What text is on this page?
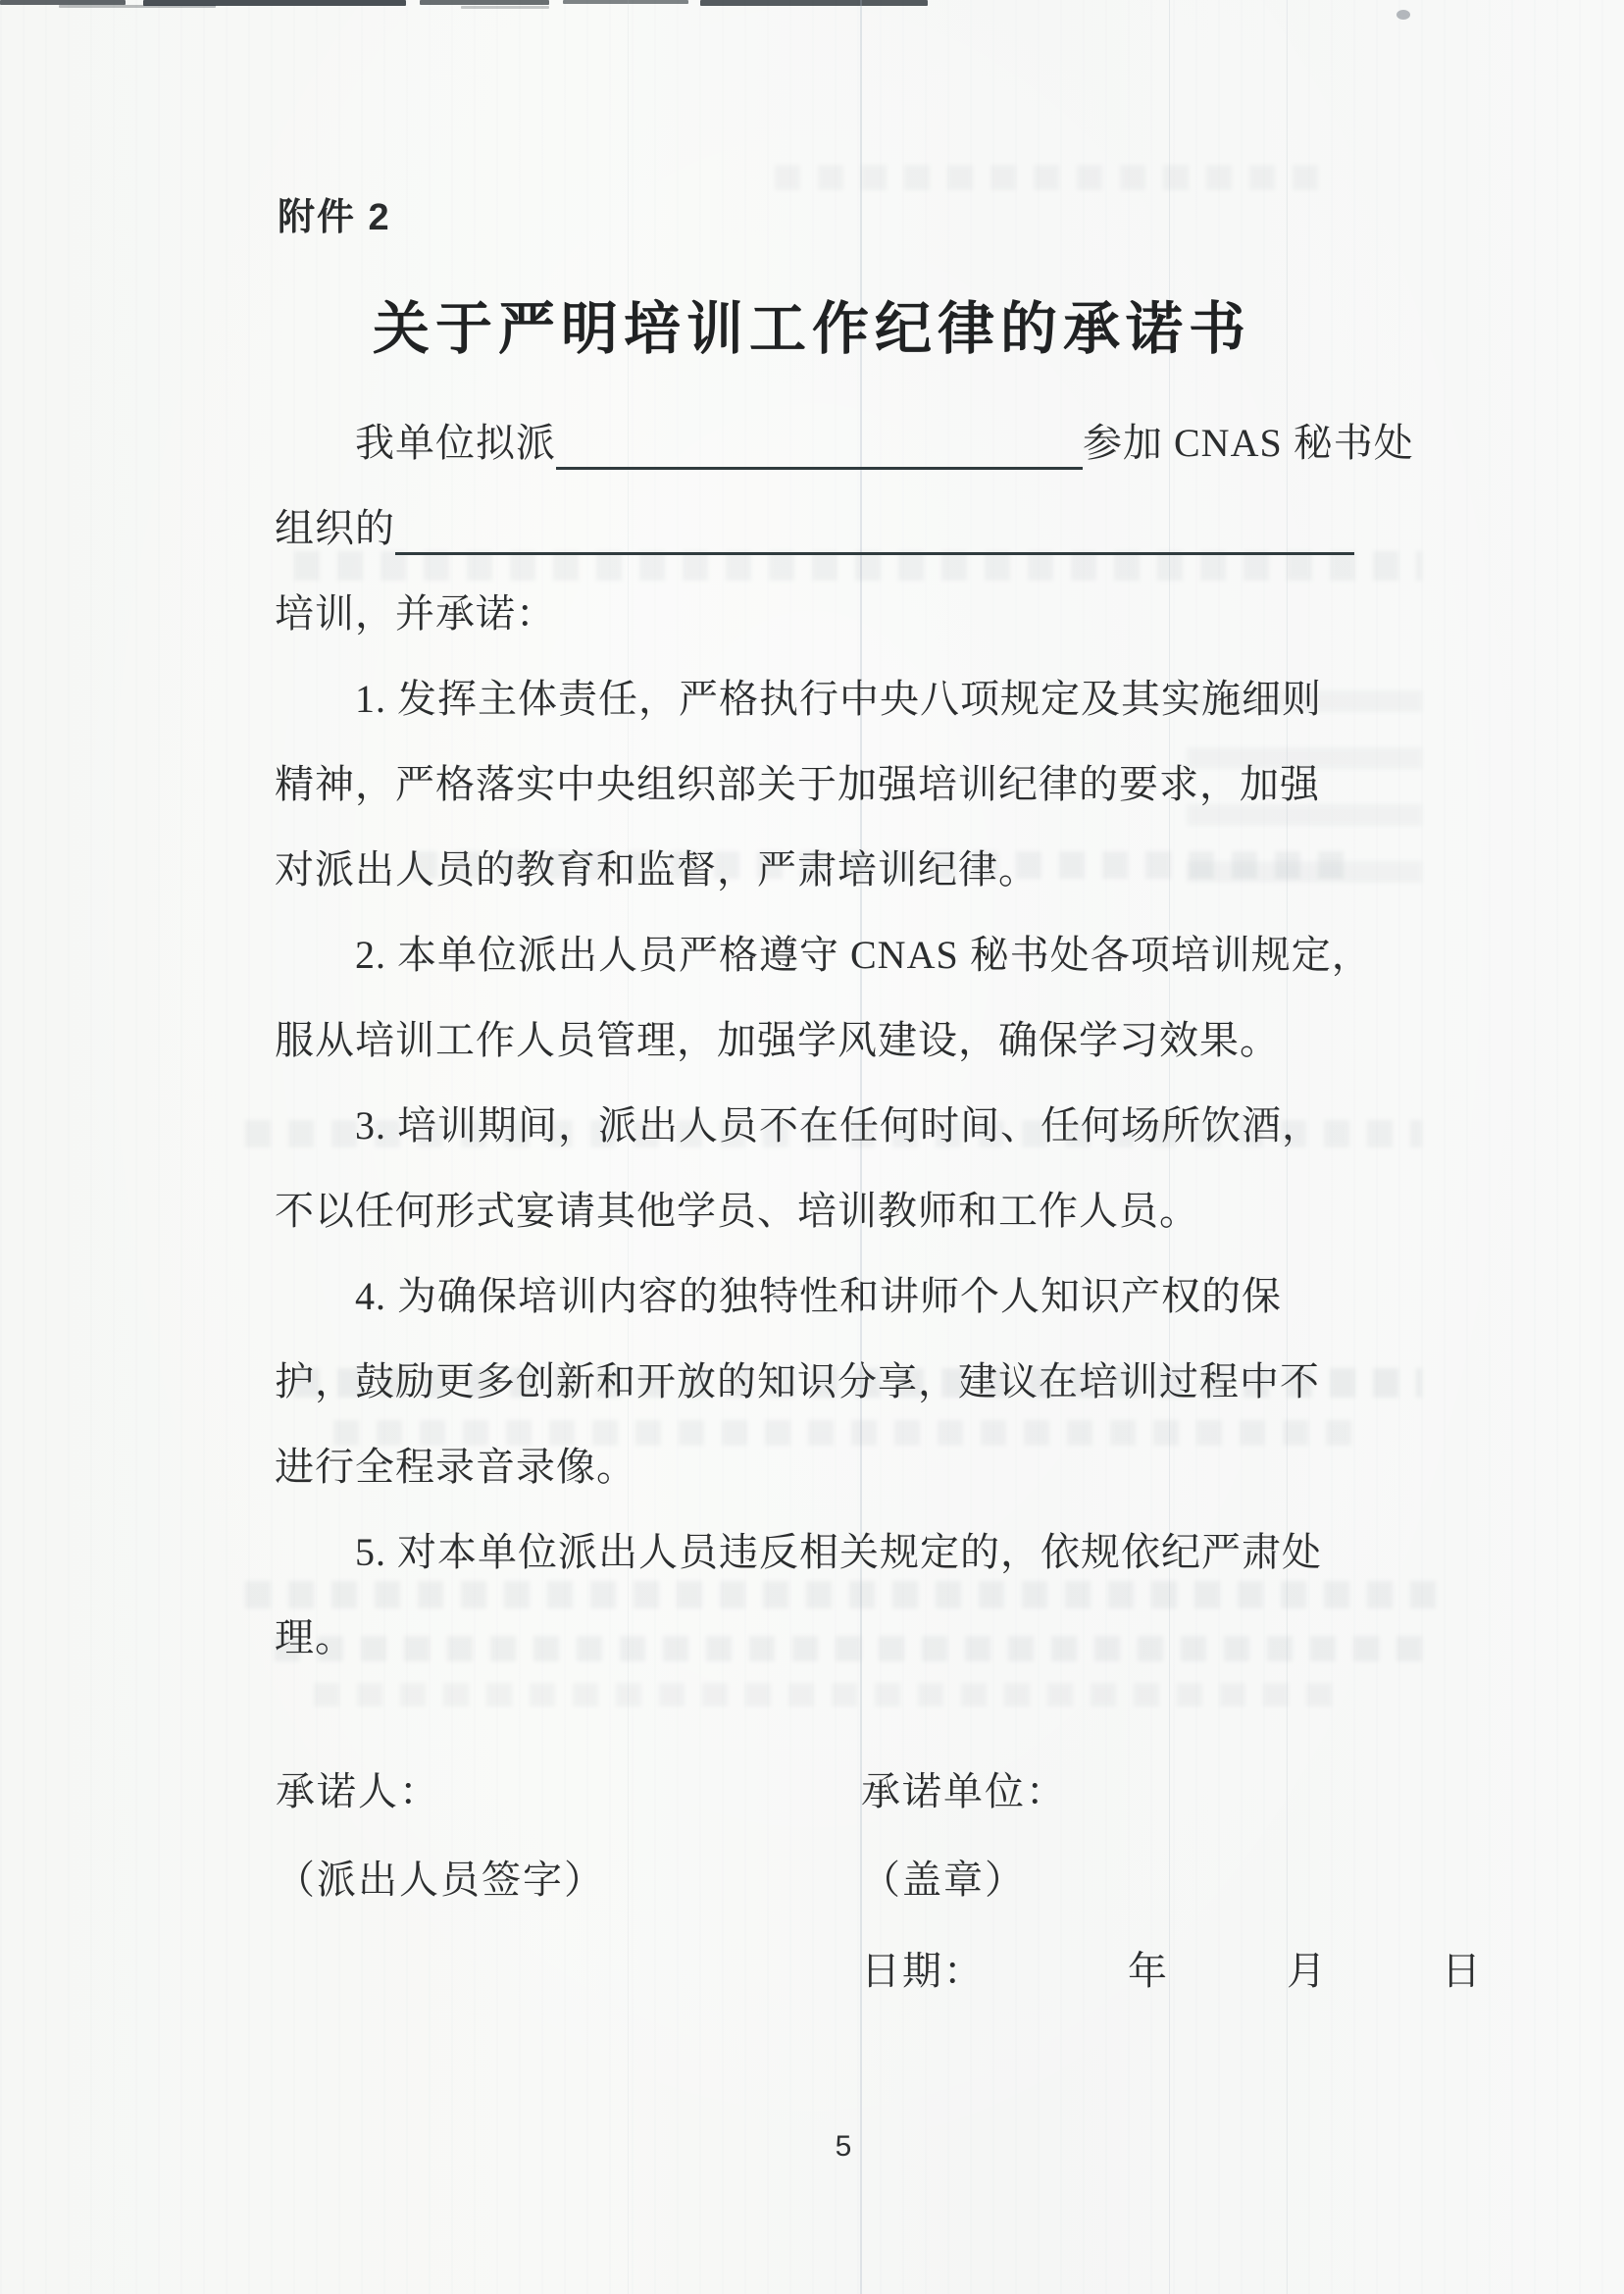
附件 2
关于严明培训工作纪律的承诺书
我单位拟派	参加 CNAS 秘书处
组织的
培训，并承诺：
1. 发挥主体责任，严格执行中央八项规定及其实施细则
精神，严格落实中央组织部关于加强培训纪律的要求，加强
对派出人员的教育和监督，严肃培训纪律。
2. 本单位派出人员严格遵守 CNAS 秘书处各项培训规定，
服从培训工作人员管理，加强学风建设，确保学习效果。
3. 培训期间，派出人员不在任何时间、任何场所饮酒，
不以任何形式宴请其他学员、培训教师和工作人员。
4. 为确保培训内容的独特性和讲师个人知识产权的保
护，鼓励更多创新和开放的知识分享，建议在培训过程中不
进行全程录音录像。
5. 对本单位派出人员违反相关规定的，依规依纪严肃处
理。
承诺人：
（派出人员签字）
承诺单位：
（盖章）
日期：	年	月	日
5
